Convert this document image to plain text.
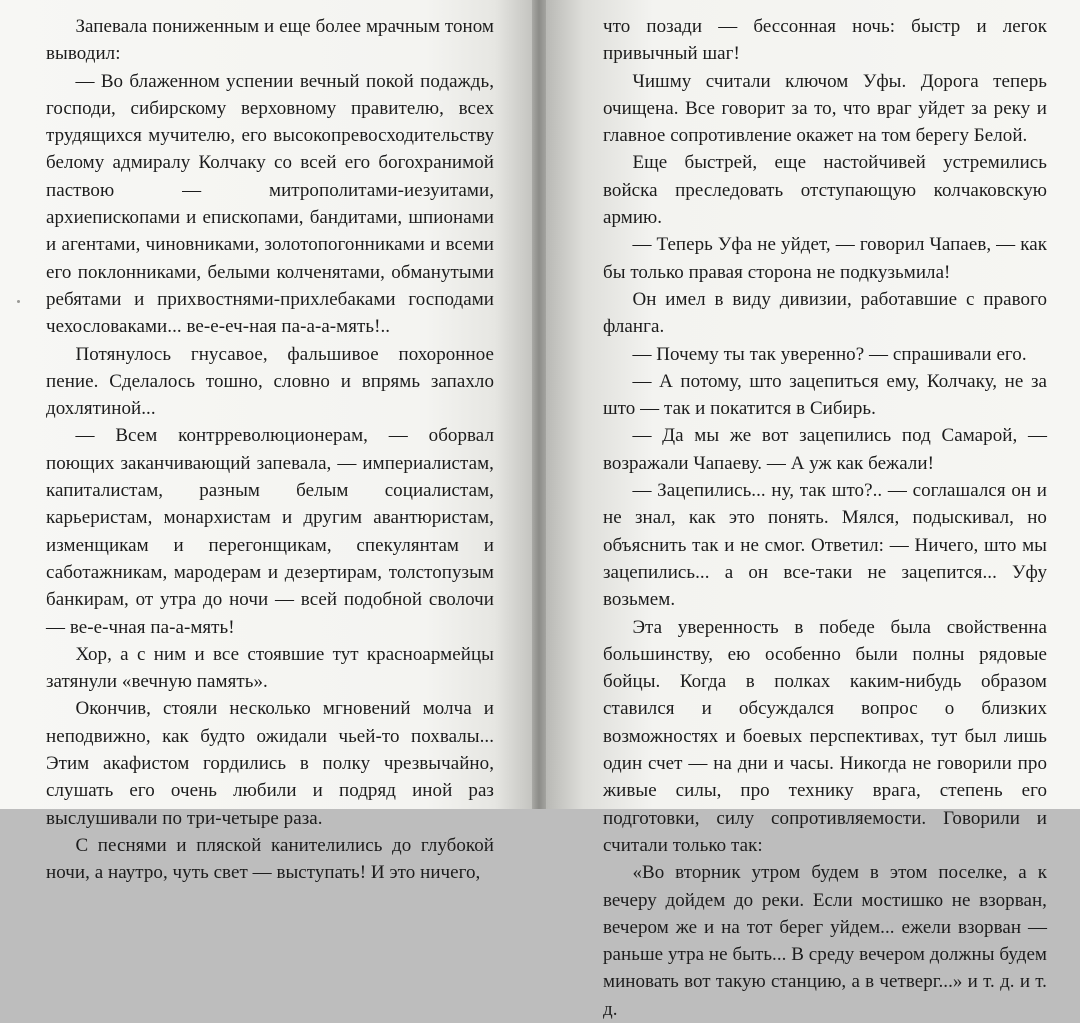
Запевала пониженным и еще более мрачным тоном выводил:

— Во блаженном успении вечный покой подаждь, господи, сибирскому верховному правителю, всех трудящихся мучителю, его высокопревосходительству белому адмиралу Колчаку со всей его богохранимой паствою — митрополитами-иезуитами, архиепископами и епископами, бандитами, шпионами и агентами, чиновниками, золотопогонниками и всеми его поклонниками, белыми колченятами, обманутыми ребятами и прихвостнями-прихлебаками господами чехословаками... ве-е-еч-ная па-а-а-мять!..

Потянулось гнусавое, фальшивое похоронное пение. Сделалось тошно, словно и впрямь запахло дохлятиной...

— Всем контрреволюционерам, — оборвал поющих заканчивающий запевала, — империалистам, капиталистам, разным белым социалистам, карьеристам, монархистам и другим авантюристам, изменщикам и перегонщикам, спекулянтам и саботажникам, мародерам и дезертирам, толстопузым банкирам, от утра до ночи — всей подобной сволочи — ве-е-чная па-а-мять!

Хор, а с ним и все стоявшие тут красноармейцы затянули «вечную память».

Окончив, стояли несколько мгновений молча и неподвижно, как будто ожидали чьей-то похвалы... Этим акафистом гордились в полку чрезвычайно, слушать его очень любили и подряд иной раз выслушивали по три-четыре раза.

С песнями и пляской канителились до глубокой ночи, а наутро, чуть свет — выступать! И это ничего,

что позади — бессонная ночь: быстр и легок привычный шаг!

Чишму считали ключом Уфы. Дорога теперь очищена. Все говорит за то, что враг уйдет за реку и главное сопротивление окажет на том берегу Белой.

Еще быстрей, еще настойчивей устремились войска преследовать отступающую колчаковскую армию.

— Теперь Уфа не уйдет, — говорил Чапаев, — как бы только правая сторона не подкузьмила!

Он имел в виду дивизии, работавшие с правого фланга.

— Почему ты так уверенно? — спрашивали его.

— А потому, што зацепиться ему, Колчаку, не за што — так и покатится в Сибирь.

— Да мы же вот зацепились под Самарой, — возражали Чапаеву. — А уж как бежали!

— Зацепились... ну, так што?.. — соглашался он и не знал, как это понять. Мялся, подыскивал, но объяснить так и не смог. Ответил: — Ничего, што мы зацепились... а он все-таки не зацепится... Уфу возьмем.

Эта уверенность в победе была свойственна большинству, ею особенно были полны рядовые бойцы. Когда в полках каким-нибудь образом ставился и обсуждался вопрос о близких возможностях и боевых перспективах, тут был лишь один счет — на дни и часы. Никогда не говорили про живые силы, про технику врага, степень его подготовки, силу сопротивляемости. Говорили и считали только так:

«Во вторник утром будем в этом поселке, а к вечеру дойдем до реки. Если мостишко не взорван, вечером же и на тот берег уйдем... ежели взорван — раньше утра не быть... В среду вечером должны будем миновать вот такую станцию, а в четверг...» и т. д. и т. д.
